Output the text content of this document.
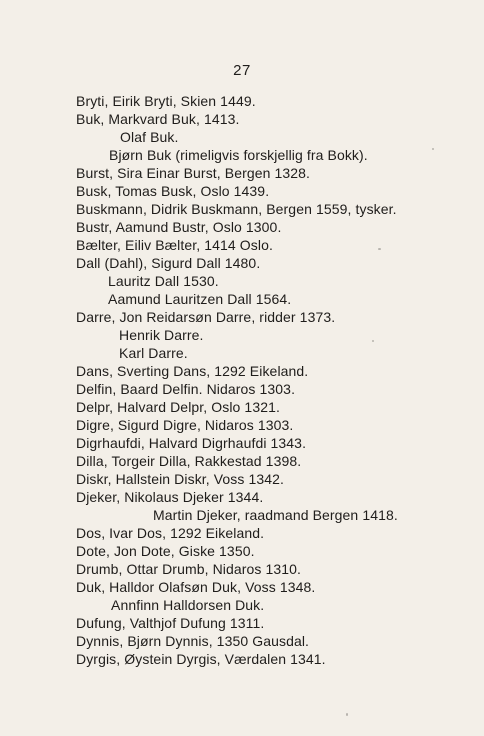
27
Bryti, Eirik Bryti, Skien 1449.
Buk, Markvard Buk, 1413.
Olaf Buk.
Bjørn Buk (rimeligvis forskjellig fra Bokk).
Burst, Sira Einar Burst, Bergen 1328.
Busk, Tomas Busk, Oslo 1439.
Buskmann, Didrik Buskmann, Bergen 1559, tysker.
Bustr, Aamund Bustr, Oslo 1300.
Bælter, Eiliv Bælter, 1414 Oslo.
Dall (Dahl), Sigurd Dall 1480.
Lauritz Dall 1530.
Aamund Lauritzen Dall 1564.
Darre, Jon Reidarsøn Darre, ridder 1373.
Henrik Darre.
Karl Darre.
Dans, Sverting Dans, 1292 Eikeland.
Delfin, Baard Delfin. Nidaros 1303.
Delpr, Halvard Delpr, Oslo 1321.
Digre, Sigurd Digre, Nidaros 1303.
Digrhaufdi, Halvard Digrhaufdi 1343.
Dilla, Torgeir Dilla, Rakkestad 1398.
Diskr, Hallstein Diskr, Voss 1342.
Djeker, Nikolaus Djeker 1344.
Martin Djeker, raadmand Bergen 1418.
Dos, Ivar Dos, 1292 Eikeland.
Dote, Jon Dote, Giske 1350.
Drumb, Ottar Drumb, Nidaros 1310.
Duk, Halldor Olafsøn Duk, Voss 1348.
Annfinn Halldorsen Duk.
Dufung, Valthjof Dufung 1311.
Dynnis, Bjørn Dynnis, 1350 Gausdal.
Dyrgis, Øystein Dyrgis, Værdalen 1341.
